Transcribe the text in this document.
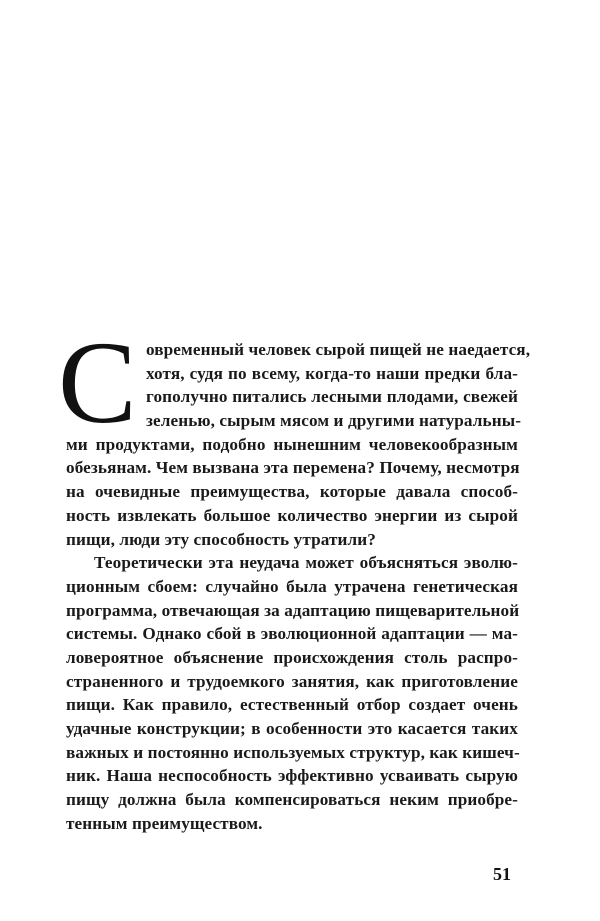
С овременный человек сырой пищей не наедается,
хотя, судя по всему, когда-то наши предки бла-
гополучно питались лесными плодами, свежей
зеленью, сырым мясом и другими натуральны-
ми продуктами, подобно нынешним человекообразным
обезьянам. Чем вызвана эта перемена? Почему, несмотря
на очевидные преимущества, которые давала способ-
ность извлекать большое количество энергии из сырой
пищи, люди эту способность утратили?
Теоретически эта неудача может объясняться эволю-
ционным сбоем: случайно была утрачена генетическая
программа, отвечающая за адаптацию пищеварительной
системы. Однако сбой в эволюционной адаптации — ма-
ловероятное объяснение происхождения столь распро-
страненного и трудоемкого занятия, как приготовление
пищи. Как правило, естественный отбор создает очень
удачные конструкции; в особенности это касается таких
важных и постоянно используемых структур, как кишеч-
ник. Наша неспособность эффективно усваивать сырую
пищу должна была компенсироваться неким приобре-
тенным преимуществом.
51
